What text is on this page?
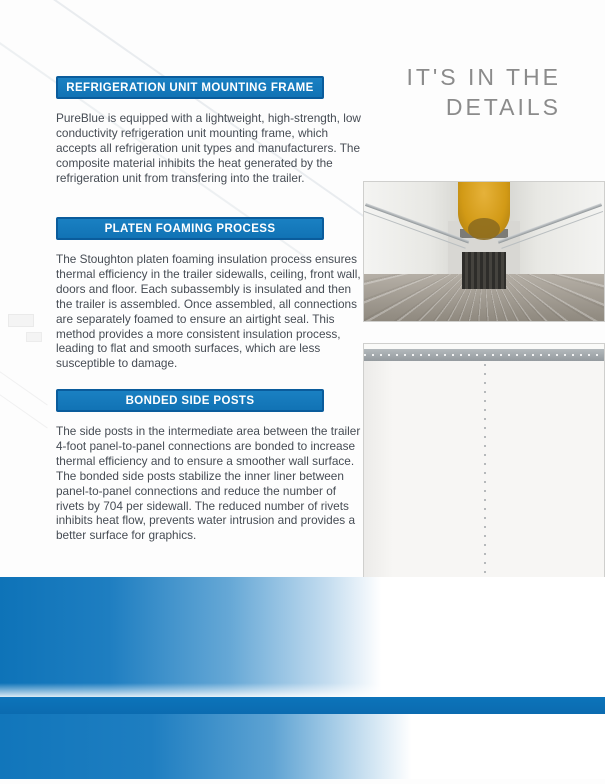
IT'S IN THE
DETAILS
REFRIGERATION UNIT MOUNTING FRAME
PureBlue is equipped with a lightweight, high-strength, low conductivity refrigeration unit mounting frame, which accepts all refrigeration unit types and manufacturers. The composite material inhibits the heat generated by the refrigeration unit from transfering into the trailer.
PLATEN FOAMING PROCESS
The Stoughton platen foaming insulation process ensures thermal efficiency in the trailer sidewalls, ceiling, front wall, doors and floor. Each subassembly is insulated and then the trailer is assembled. Once assembled, all connections are separately foamed to ensure an airtight seal. This method provides a more consistent insulation process, leading to flat and smooth surfaces, which are less susceptible to damage.
BONDED SIDE POSTS
The side posts in the intermediate area between the trailer 4-foot panel-to-panel connections are bonded to increase thermal efficiency and to ensure a smoother wall surface. The bonded side posts stabilize the inner liner between panel-to-panel connections and reduce the number of rivets by 704 per sidewall. The reduced number of rivets inhibits heat flow, prevents water intrusion and provides a better surface for graphics.
